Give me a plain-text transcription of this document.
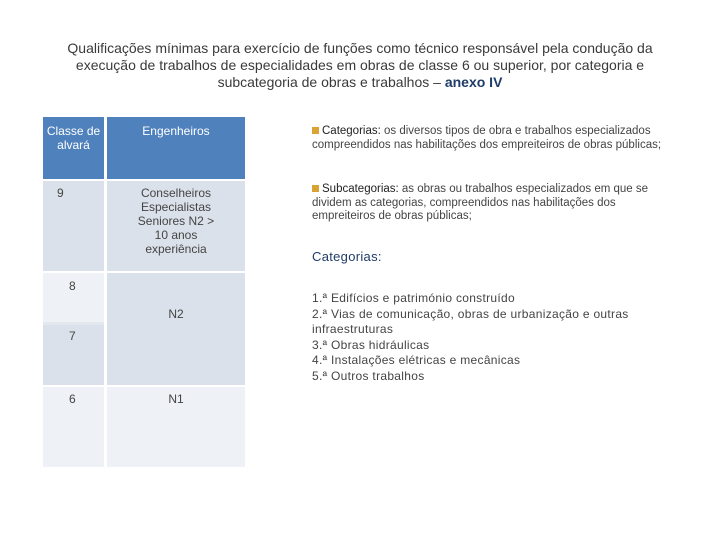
Qualificações mínimas para exercício de funções como técnico responsável pela condução da
execução de trabalhos de especialidades em obras de classe 6 ou superior, por categoria e
subcategoria de obras e trabalhos – anexo IV
Classe de alvará
Engenheiros
9	Conselheiros Especialistas Seniores N2 > 10 anos experiência
8
7
N2
6	N1
Categorias: os diversos tipos de obra e trabalhos especializados compreendidos nas habilitações dos empreiteiros de obras públicas;
Subcategorias: as obras ou trabalhos especializados em que se dividem as categorias, compreendidos nas habilitações dos empreiteiros de obras públicas;
Categorias:
1.ª Edifícios e património construído
2.ª Vias de comunicação, obras de urbanização e outras infraestruturas
3.ª Obras hidráulicas
4.ª Instalações elétricas e mecânicas
5.ª Outros trabalhos
